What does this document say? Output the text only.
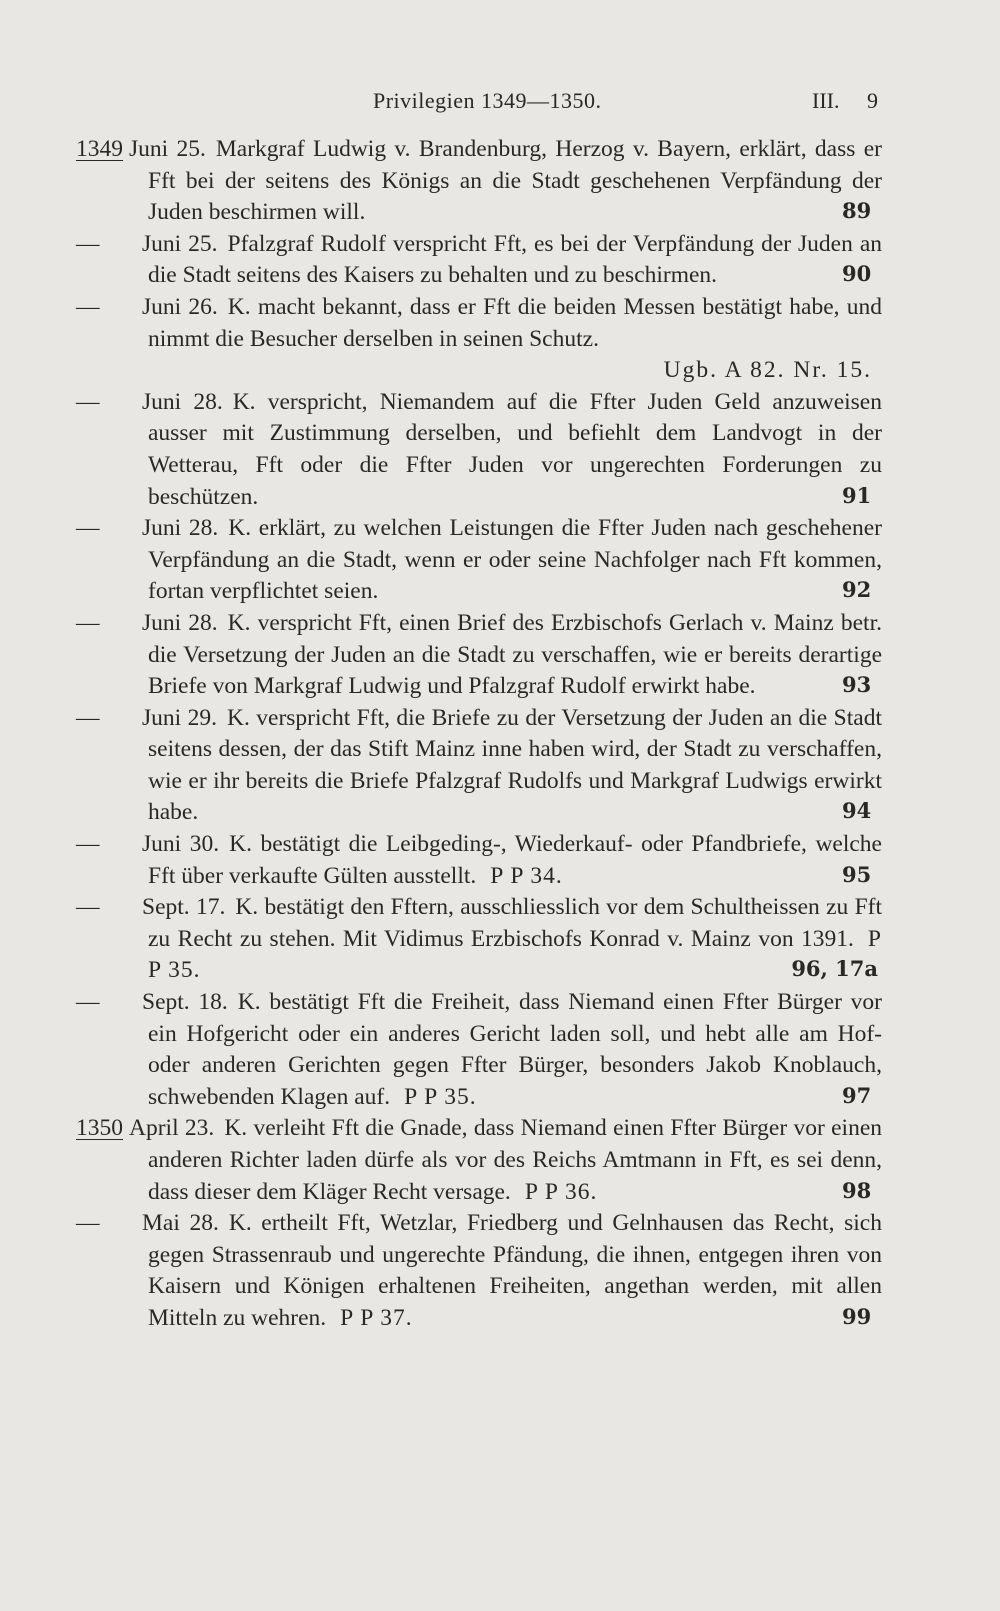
Privilegien 1349—1350.	III. 9
1349 Juni 25. Markgraf Ludwig v. Brandenburg, Herzog v. Bayern, erklärt, dass er Fft bei der seitens des Königs an die Stadt geschehenen Verpfändung der Juden beschirmen will.	89
— Juni 25. Pfalzgraf Rudolf verspricht Fft, es bei der Verpfändung der Juden an die Stadt seitens des Kaisers zu behalten und zu beschirmen.	90
— Juni 26. K. macht bekannt, dass er Fft die beiden Messen bestätigt habe, und nimmt die Besucher derselben in seinen Schutz.
Ugb. A 82. Nr. 15.
— Juni 28. K. verspricht, Niemandem auf die Ffter Juden Geld anzuweisen ausser mit Zustimmung derselben, und befiehlt dem Landvogt in der Wetterau, Fft oder die Ffter Juden vor ungerechten Forderungen zu beschützen.	91
— Juni 28. K. erklärt, zu welchen Leistungen die Ffter Juden nach geschehener Verpfändung an die Stadt, wenn er oder seine Nachfolger nach Fft kommen, fortan verpflichtet seien.	92
— Juni 28. K. verspricht Fft, einen Brief des Erzbischofs Gerlach v. Mainz betr. die Versetzung der Juden an die Stadt zu verschaffen, wie er bereits derartige Briefe von Markgraf Ludwig und Pfalzgraf Rudolf erwirkt habe.	93
— Juni 29. K. verspricht Fft, die Briefe zu der Versetzung der Juden an die Stadt seitens dessen, der das Stift Mainz inne haben wird, der Stadt zu verschaffen, wie er ihr bereits die Briefe Pfalzgraf Rudolfs und Markgraf Ludwigs erwirkt habe.	94
— Juni 30. K. bestätigt die Leibgeding-, Wiederkauf- oder Pfandbriefe, welche Fft über verkaufte Gülten ausstellt. P P 34.	95
— Sept. 17. K. bestätigt den Fftern, ausschliesslich vor dem Schultheissen zu Fft zu Recht zu stehen. Mit Vidimus Erzbischofs Konrad v. Mainz von 1391. P P 35.	96, 17a
— Sept. 18. K. bestätigt Fft die Freiheit, dass Niemand einen Ffter Bürger vor ein Hofgericht oder ein anderes Gericht laden soll, und hebt alle am Hof- oder anderen Gerichten gegen Ffter Bürger, besonders Jakob Knoblauch, schwebenden Klagen auf. P P 35.	97
1350 April 23. K. verleiht Fft die Gnade, dass Niemand einen Ffter Bürger vor einen anderen Richter laden dürfe als vor des Reichs Amtmann in Fft, es sei denn, dass dieser dem Kläger Recht versage. P P 36.	98
— Mai 28. K. ertheilt Fft, Wetzlar, Friedberg und Gelnhausen das Recht, sich gegen Strassenraub und ungerechte Pfändung, die ihnen, entgegen ihren von Kaisern und Königen erhaltenen Freiheiten, angethan werden, mit allen Mitteln zu wehren. P P 37.	99
